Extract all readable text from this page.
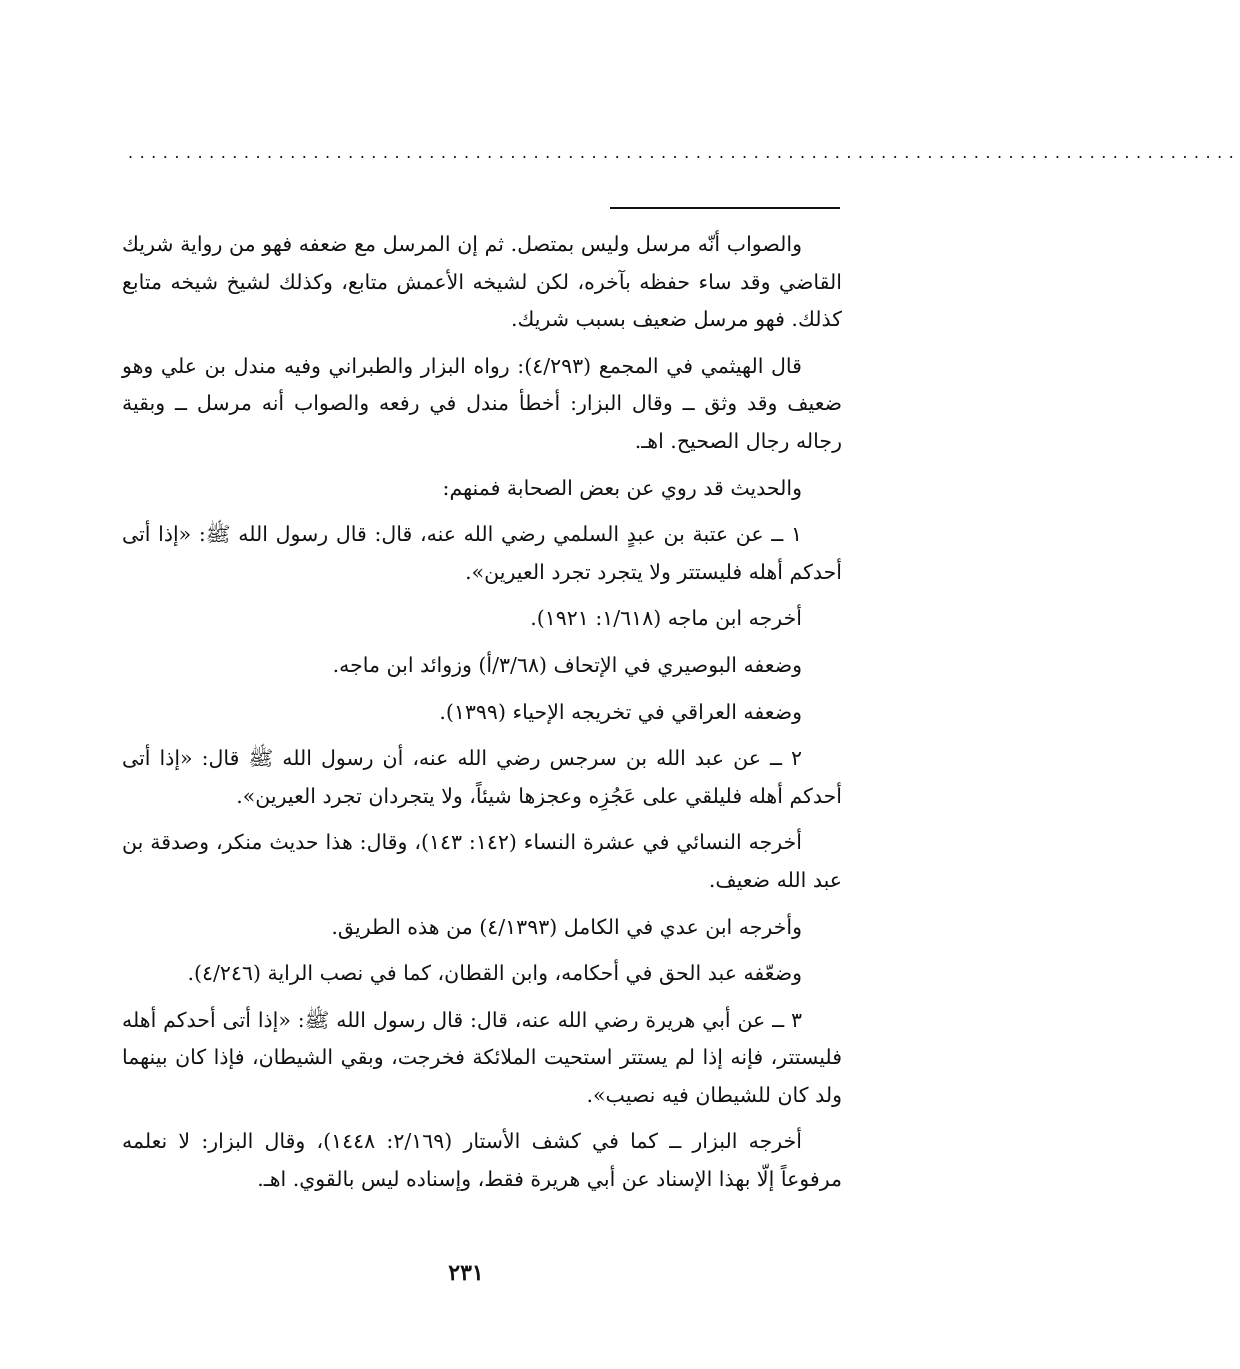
................................................................................................

والصواب أنّه مرسل وليس بمتصل. ثم إن المرسل مع ضعفه فهو من رواية شريك القاضي وقد ساء حفظه بآخره، لكن لشيخه الأعمش متابع، وكذلك لشيخ شيخه متابع كذلك. فهو مرسل ضعيف بسبب شريك.

قال الهيثمي في المجمع (٤/٢٩٣): رواه البزار والطبراني وفيه مندل بن علي وهو ضعيف وقد وثق ــ وقال البزار: أخطأ مندل في رفعه والصواب أنه مرسل ــ وبقية رجاله رجال الصحيح. اهـ.

والحديث قد روي عن بعض الصحابة فمنهم:

١ ــ عن عتبة بن عبدٍ السلمي رضي الله عنه، قال: قال رسول الله ﷺ: «إذا أتى أحدكم أهله فليستتر ولا يتجرد تجرد العيرين».

أخرجه ابن ماجه (١/٦١٨: ١٩٢١).

وضعفه البوصيري في الإتحاف (٣/٦٨/أ) وزوائد ابن ماجه.

وضعفه العراقي في تخريجه الإحياء (١٣٩٩).

٢ ــ عن عبد الله بن سرجس رضي الله عنه، أن رسول الله ﷺ قال: «إذا أتى أحدكم أهله فليلقي على عَجُزِه وعجزها شيئاً، ولا يتجردان تجرد العيرين».

أخرجه النسائي في عشرة النساء (١٤٢: ١٤٣)، وقال: هذا حديث منكر، وصدقة بن عبد الله ضعيف.

وأخرجه ابن عدي في الكامل (٤/١٣٩٣) من هذه الطريق.

وضعّفه عبد الحق في أحكامه، وابن القطان، كما في نصب الراية (٤/٢٤٦).

٣ ــ عن أبي هريرة رضي الله عنه، قال: قال رسول الله ﷺ: «إذا أتى أحدكم أهله فليستتر، فإنه إذا لم يستتر استحيت الملائكة فخرجت، وبقي الشيطان، فإذا كان بينهما ولد كان للشيطان فيه نصيب».

أخرجه البزار ــ كما في كشف الأستار (٢/١٦٩: ١٤٤٨)، وقال البزار: لا نعلمه مرفوعاً إلّا بهذا الإسناد عن أبي هريرة فقط، وإسناده ليس بالقوي. اهـ.

٢٣١
